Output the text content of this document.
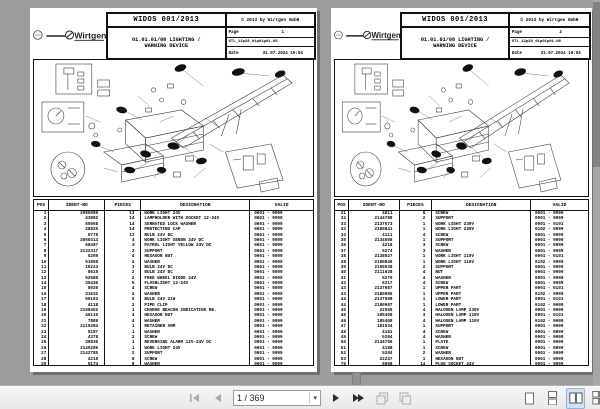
WIDOS 001/2013	© 2013 by Wirtgen GmbH
01.01.01/08 LIGHTING /
WARNING DEVICE
Page	1
STL_12p28_01p01p01-08
Date	31.07.2024 19:54
POS	IDENT-NO	PIECES	DESIGNATION	VALID
1	2085089	13	WORK LIGHT 24V	0001 - 9999
2	43882	14	LAMPHOLDER WITH SOCKET 12-24V	0001 - 9999
3	65068	14	SERRATED LOCK WASHER	0001 - 9999
4	28825	14	PROTECTING CAP	0001 - 9999
5	9778	13	BULB 24V DC	0001 - 9999
6	2050314	4	WORK LIGHT XENON 24V DC	0001 - 9999
7	68487	3	PATROL LIGHT YELLOW 24V DC	0001 - 9999
8	2132317	2	SUPPORT	0001 - 9999
9	5269	4	HEXAGON NUT	0001 - 9999
10	51958	4	WASHER	0001 - 9999
11	16224	3	BULB 24V DC	0001 - 9999
12	8615	2	BULB 24V DC	0001 - 9999
13	52588	2	FREE WHEEL DIODE 24V	0001 - 9999
14	35436	5	FLASHLIGHT 12-24V	0001 - 9999
15	8926	4	SCREW	0001 - 9999
16	31632	4	WASHER	0001 - 9999
17	50183	5	BULB 24V 21W	0001 - 9999
18	4118	2	PIPE CLIP	0001 - 9999
19	2108492	1	CHARGE BEACON INDICATING RE.	0001 - 9999
20	46115	4	HEXAGON NUT	0001 - 9999
21	7888	4	WASHER	0001 - 9999
22	2119284	1	RETAINER ARM	0001 - 9999
23	5187	1	WASHER	0001 - 9999
24	4378	2	SCREW	0001 - 9999
25	39836	1	REVERSING ALARM 12V-24V DC	0001 - 9999
26	2145286	1	WORK LIGHT 24V	0001 - 9999
27	2142785	2	SUPPORT	0001 - 9999
28	4218	8	SCREW	0001 - 9999
29	5174	8	WASHER	0001 - 9999
WIDOS 001/2013	© 2013 by Wirtgen GmbH
01.01.01/08 LIGHTING /
WARNING DEVICE
Page	2
STL_12p28_01p01p01-08
Date	31.07.2024 19:54
POS	IDENT-NO	PIECES	DESIGNATION	VALID
31	4011	6	SCREW	0001 - 9999
32	2144788	2	SUPPORT	0001 - 9999
33	2137573	1	WORK LIGHT 230V	0001 - 0101
33	2180841	1	WORK LIGHT 230V	0102 - 9999
34	4111	4	SCREW	0001 - 9999
35	2134508	1	SUPPORT	0001 - 9999
36	4218	3	SCREW	0001 - 9999
37	5274	3	WASHER	0001 - 9999
38	2138027	1	WORK LIGHT 110V	0001 - 0101
38	2180846	1	WORK LIGHT 110V	0102 - 9999
39	2165538	2	SUPPORT	0001 - 9999
40	2111628	4	NUT	0001 - 9999
41	5276	4	WASHER	0001 - 9999
42	6217	4	SCREW	0001 - 9999
43	2137087	1	UPPER PART	0001 - 0101
43	2180986	1	UPPER PART	0102 - 9999
44	2137598	1	LOWER PART	0001 - 0101
44	2180987	1	LOWER PART	0102 - 9999
45	22565	4	HALOGEN LAMP 230V	0001 - 9999
46	185408	3	HALOGEN LAMP 110V	0001 - 0101
46	185408	4	HALOGEN LAMP 110V	0102 - 9999
47	181534	1	SUPPORT	0001 - 9999
48	4181	4	SCREW	0001 - 9999
49	5284	4	WASHER	0001 - 9999
50	2134756	1	PLATE	0001 - 9999
51	4188	1	SCREW	0001 - 9999
52	5284	2	WASHER	0001 - 9999
53	22247	1	HEXAGON NUT	0001 - 9999
70	9068	14	PLUG SOCKET 24V	0001 - 9999
1 / 369	▾
